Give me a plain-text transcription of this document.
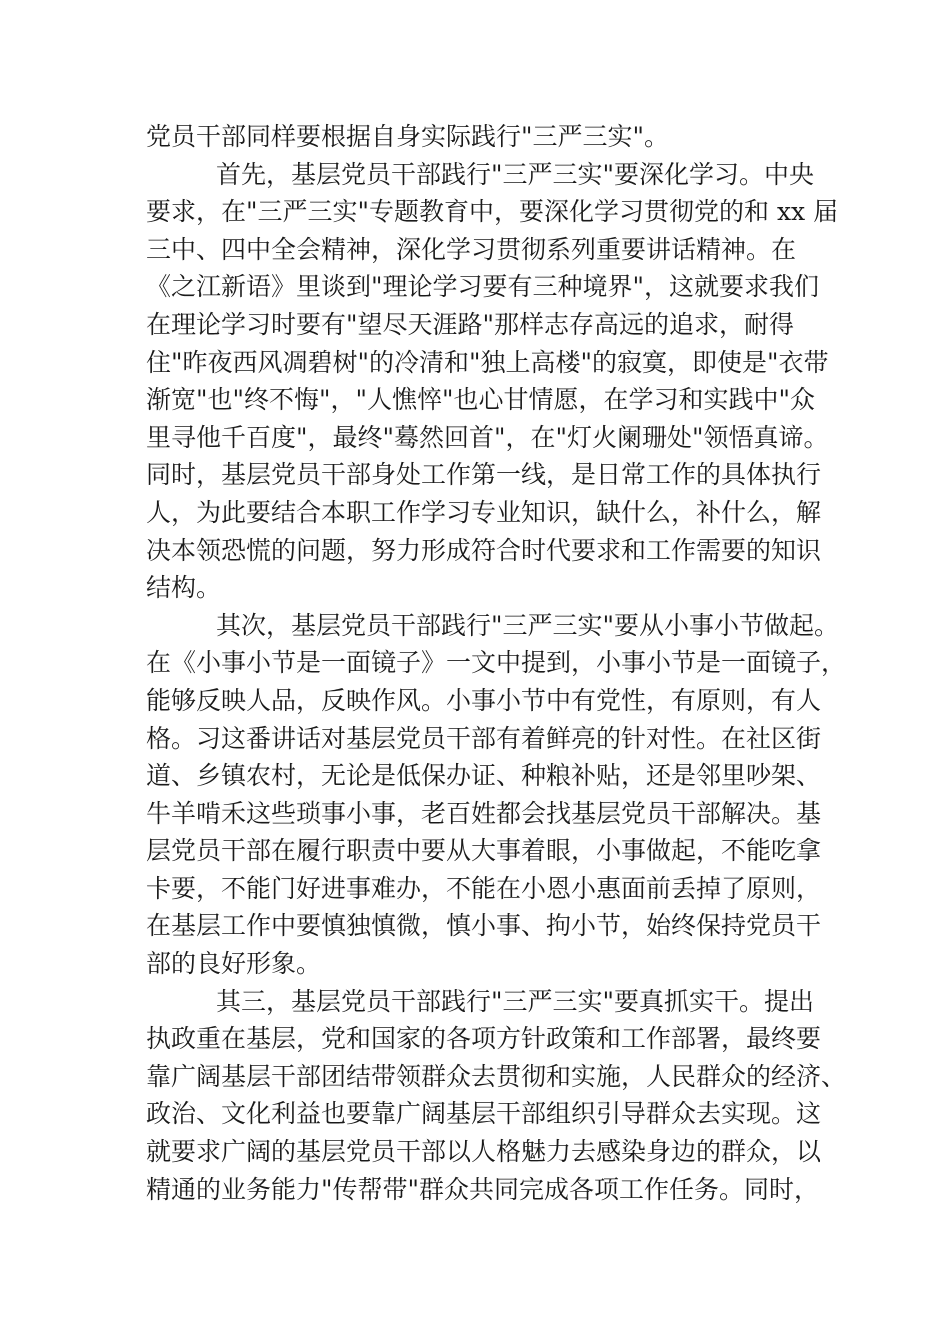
党员干部同样要根据自身实际践行"三严三实"。
首先，基层党员干部践行"三严三实"要深化学习。中央
要求，在"三严三实"专题教育中，要深化学习贯彻党的和 xx 届
三中、四中全会精神，深化学习贯彻系列重要讲话精神。在
《之江新语》里谈到"理论学习要有三种境界"，这就要求我们
在理论学习时要有"望尽天涯路"那样志存高远的追求，耐得
住"昨夜西风凋碧树"的冷清和"独上高楼"的寂寞，即使是"衣带
渐宽"也"终不悔"，"人憔悴"也心甘情愿，在学习和实践中"众
里寻他千百度"，最终"蓦然回首"，在"灯火阑珊处"领悟真谛。
同时，基层党员干部身处工作第一线，是日常工作的具体执行
人，为此要结合本职工作学习专业知识，缺什么，补什么，解
决本领恐慌的问题，努力形成符合时代要求和工作需要的知识
结构。
其次，基层党员干部践行"三严三实"要从小事小节做起。
在《小事小节是一面镜子》一文中提到，小事小节是一面镜子，
能够反映人品，反映作风。小事小节中有党性，有原则，有人
格。习这番讲话对基层党员干部有着鲜亮的针对性。在社区街
道、乡镇农村，无论是低保办证、种粮补贴，还是邻里吵架、
牛羊啃禾这些琐事小事，老百姓都会找基层党员干部解决。基
层党员干部在履行职责中要从大事着眼，小事做起，不能吃拿
卡要，不能门好进事难办，不能在小恩小惠面前丢掉了原则，
在基层工作中要慎独慎微，慎小事、拘小节，始终保持党员干
部的良好形象。
其三，基层党员干部践行"三严三实"要真抓实干。提出
执政重在基层，党和国家的各项方针政策和工作部署，最终要
靠广阔基层干部团结带领群众去贯彻和实施，人民群众的经济、
政治、文化利益也要靠广阔基层干部组织引导群众去实现。这
就要求广阔的基层党员干部以人格魅力去感染身边的群众，以
精通的业务能力"传帮带"群众共同完成各项工作任务。同时，
